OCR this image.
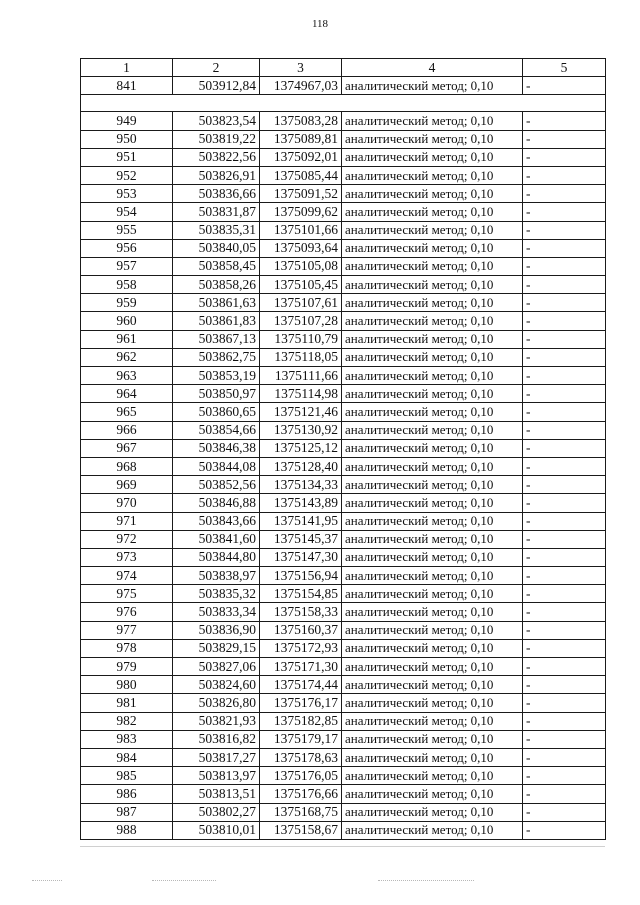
118
1	2	3	4	5
841	503912,84	1374967,03	аналитический метод; 0,10	-

949	503823,54	1375083,28	аналитический метод; 0,10	-
950	503819,22	1375089,81	аналитический метод; 0,10	-
951	503822,56	1375092,01	аналитический метод; 0,10	-
952	503826,91	1375085,44	аналитический метод; 0,10	-
953	503836,66	1375091,52	аналитический метод; 0,10	-
954	503831,87	1375099,62	аналитический метод; 0,10	-
955	503835,31	1375101,66	аналитический метод; 0,10	-
956	503840,05	1375093,64	аналитический метод; 0,10	-
957	503858,45	1375105,08	аналитический метод; 0,10	-
958	503858,26	1375105,45	аналитический метод; 0,10	-
959	503861,63	1375107,61	аналитический метод; 0,10	-
960	503861,83	1375107,28	аналитический метод; 0,10	-
961	503867,13	1375110,79	аналитический метод; 0,10	-
962	503862,75	1375118,05	аналитический метод; 0,10	-
963	503853,19	1375111,66	аналитический метод; 0,10	-
964	503850,97	1375114,98	аналитический метод; 0,10	-
965	503860,65	1375121,46	аналитический метод; 0,10	-
966	503854,66	1375130,92	аналитический метод; 0,10	-
967	503846,38	1375125,12	аналитический метод; 0,10	-
968	503844,08	1375128,40	аналитический метод; 0,10	-
969	503852,56	1375134,33	аналитический метод; 0,10	-
970	503846,88	1375143,89	аналитический метод; 0,10	-
971	503843,66	1375141,95	аналитический метод; 0,10	-
972	503841,60	1375145,37	аналитический метод; 0,10	-
973	503844,80	1375147,30	аналитический метод; 0,10	-
974	503838,97	1375156,94	аналитический метод; 0,10	-
975	503835,32	1375154,85	аналитический метод; 0,10	-
976	503833,34	1375158,33	аналитический метод; 0,10	-
977	503836,90	1375160,37	аналитический метод; 0,10	-
978	503829,15	1375172,93	аналитический метод; 0,10	-
979	503827,06	1375171,30	аналитический метод; 0,10	-
980	503824,60	1375174,44	аналитический метод; 0,10	-
981	503826,80	1375176,17	аналитический метод; 0,10	-
982	503821,93	1375182,85	аналитический метод; 0,10	-
983	503816,82	1375179,17	аналитический метод; 0,10	-
984	503817,27	1375178,63	аналитический метод; 0,10	-
985	503813,97	1375176,05	аналитический метод; 0,10	-
986	503813,51	1375176,66	аналитический метод; 0,10	-
987	503802,27	1375168,75	аналитический метод; 0,10	-
988	503810,01	1375158,67	аналитический метод; 0,10	-
